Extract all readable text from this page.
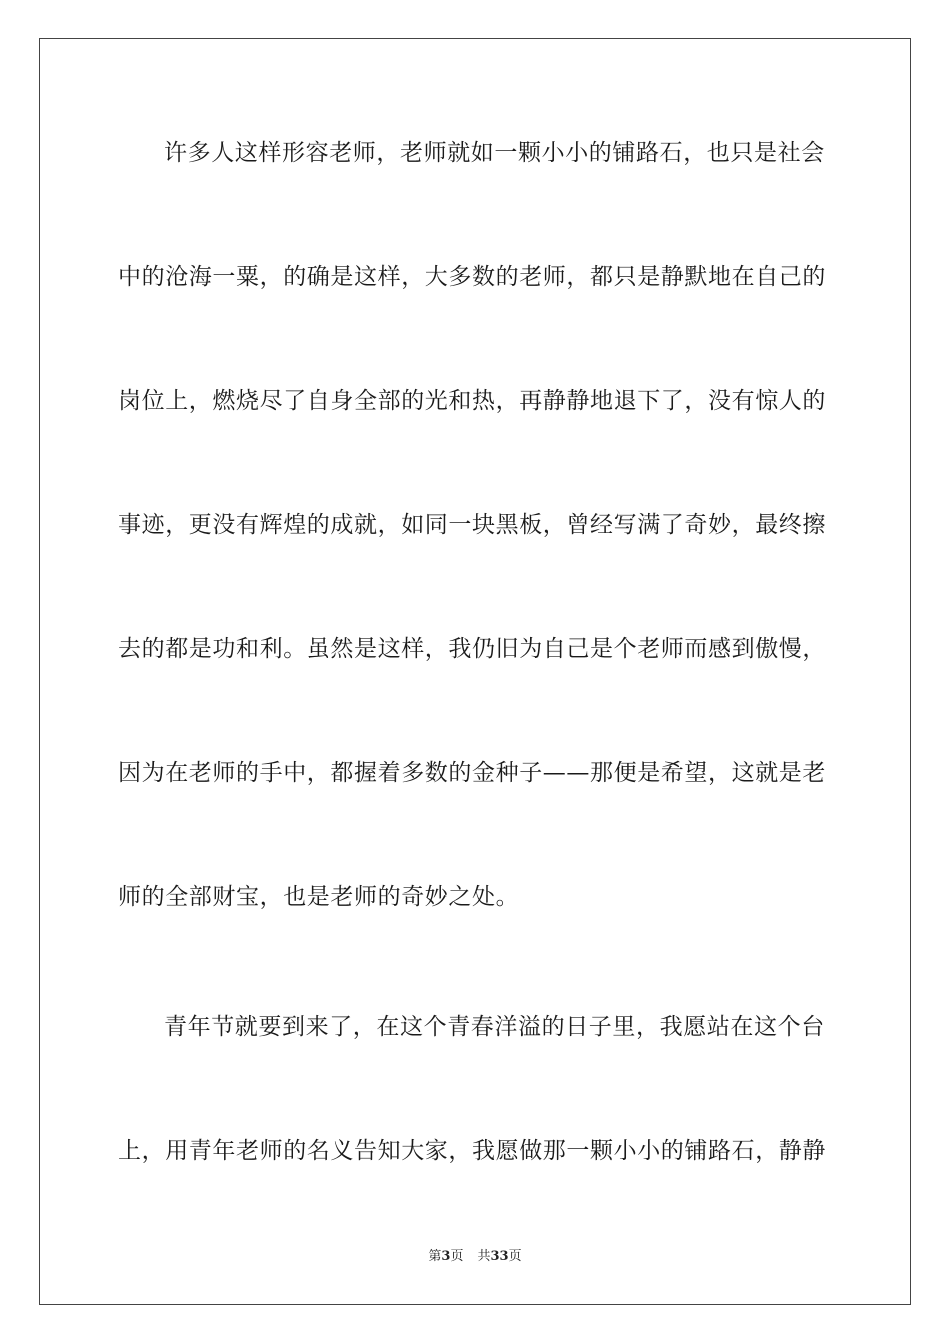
许多人这样形容老师，老师就如一颗小小的铺路石，也只是社会
中的沧海一粟，的确是这样，大多数的老师，都只是静默地在自己的
岗位上，燃烧尽了自身全部的光和热，再静静地退下了，没有惊人的
事迹，更没有辉煌的成就，如同一块黑板，曾经写满了奇妙，最终擦
去的都是功和利。虽然是这样，我仍旧为自己是个老师而感到傲慢，
因为在老师的手中，都握着多数的金种子——那便是希望，这就是老
师的全部财宝，也是老师的奇妙之处。
青年节就要到来了，在这个青春洋溢的日子里，我愿站在这个台
上，用青年老师的名义告知大家，我愿做那一颗小小的铺路石，静静
第3页 共33页
